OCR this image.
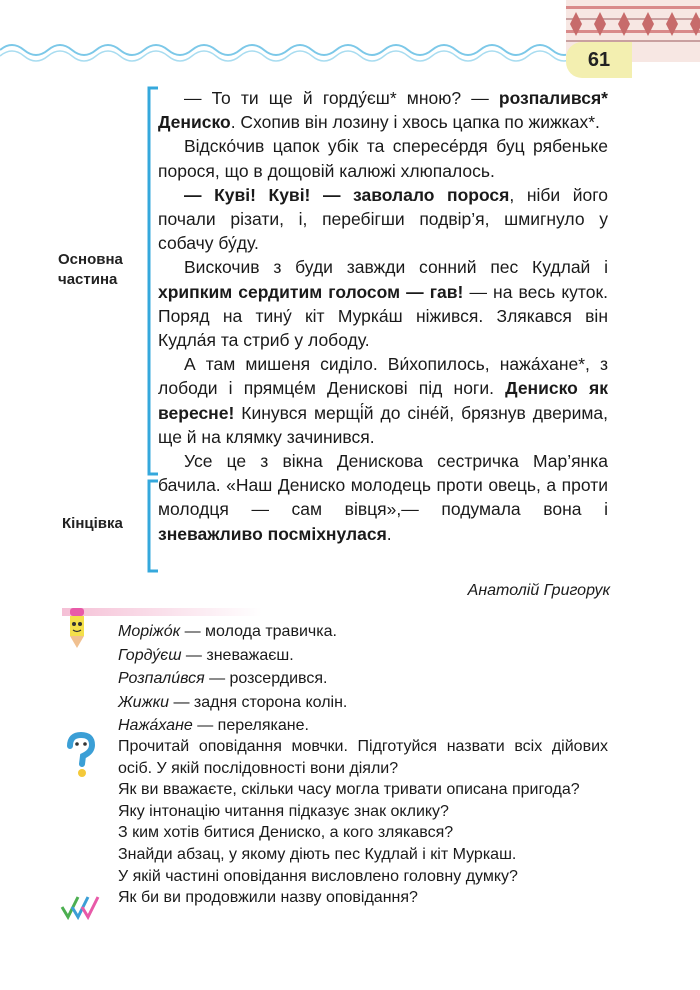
61
Основна
частина
Кінцівка

— То ти ще й горду́єш* мною? — розпалився* Дениско. Схопив він лозину і хвось цапка по жижках*.

Відско́чив цапок убік та спересе́рдя буц рябеньке порося, що в дощовій калюжі хлюпалось.

— Куві! Куві! — заволало порося, ніби його почали різати, і, перебігши подвір’я, шмигнуло у собачу бу́ду.

Вискочив з буди завжди сонний пес Кудлай і хрипким сердитим голосом — гав! — на весь куток. Поряд на тину́ кіт Мурка́ш ніжився. Злякався він Кудла́я та стриб у лободу.

А там мишеня сиділо. Ви́хопилось, нажа́хане*, з лободи і прямце́м Денискові під ноги. Дениско як вересне! Кинувся мерщі́й до сіне́й, брязнув дверима, ще й на клямку зачинився.

Усе це з вікна Денискова сестричка Мар’янка бачила. «Наш Дениско молодець проти овець, а проти молодця — сам вівця»,— подумала вона і зневажливо посміхнулася.

Анатолій Григорук
Моріжо́к — молода травичка.
Горду́єш — зневажаєш.
Розпали́вся — розсердився.
Жижки — задня сторона колін.
Нажа́хане — перелякане.
Прочитай оповідання мовчки. Підготуйся назвати всіх дійових осіб. У якій послідовності вони діяли?
Як ви вважаєте, скільки часу могла тривати описана пригода?
Яку інтонацію читання підказує знак оклику?
З ким хотів битися Дениско, а кого злякався?
Знайди абзац, у якому діють пес Кудлай і кіт Муркаш.
У якій частині оповідання висловлено головну думку?
Як би ви продовжили назву оповідання?
